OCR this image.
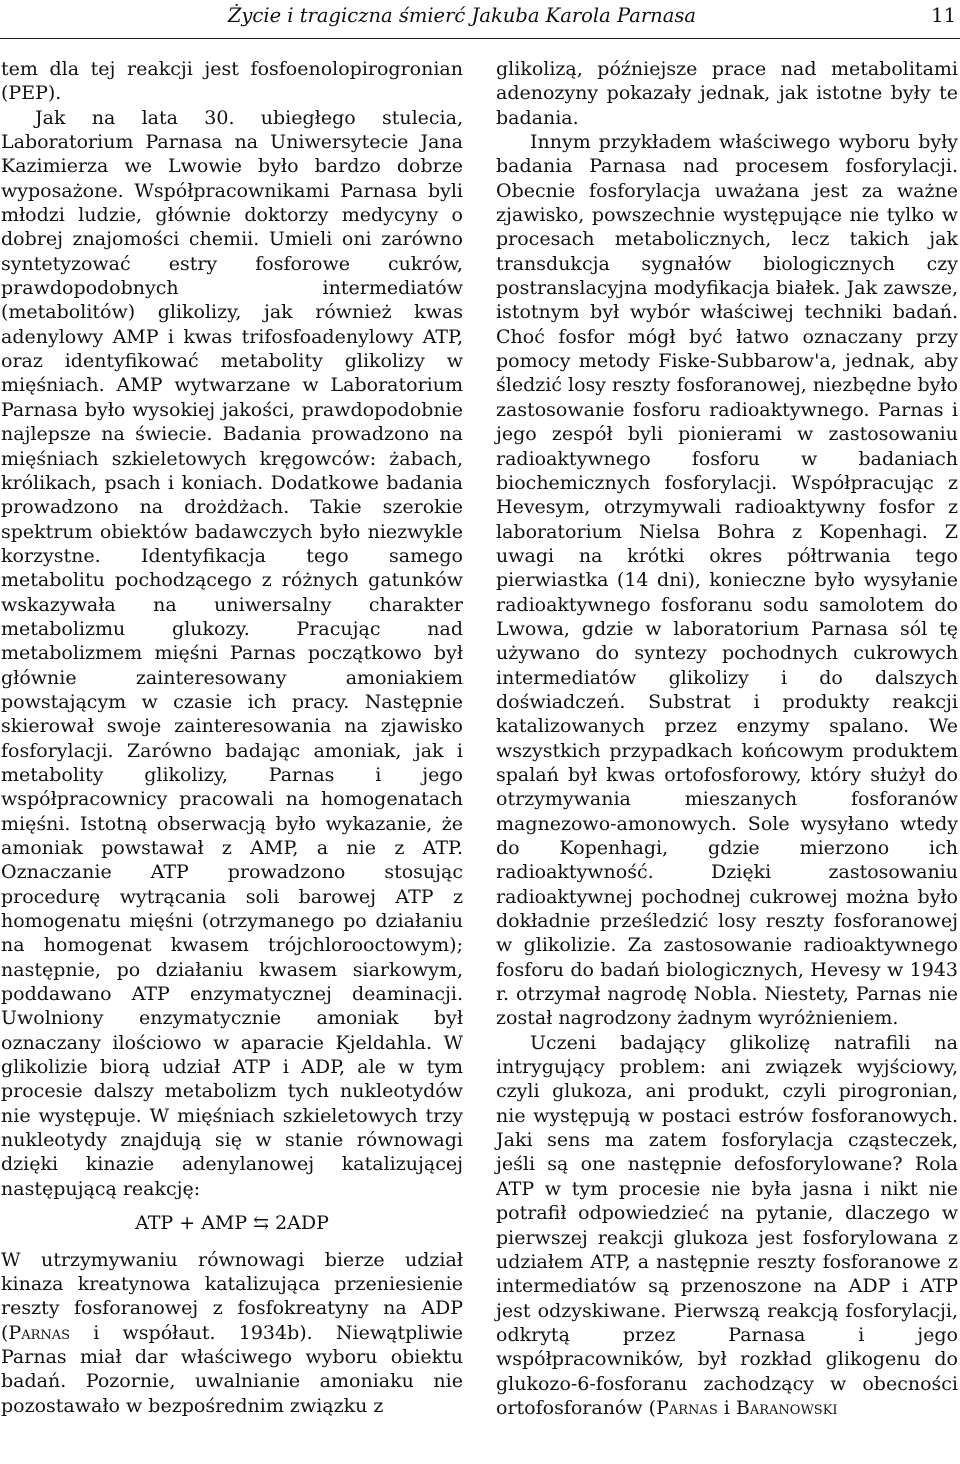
Życie i tragiczna śmierć Jakuba Karola Parnasa	11

tem dla tej reakcji jest fosfoenolopirogronian (PEP).

Jak na lata 30. ubiegłego stulecia, Laboratorium Parnasa na Uniwersytecie Jana Kazimierza we Lwowie było bardzo dobrze wyposażone. Współpracownikami Parnasa byli młodzi ludzie, głównie doktorzy medycyny o dobrej znajomości chemii. Umieli oni zarówno syntetyzować estry fosforowe cukrów, prawdopodobnych intermediatów (metabolitów) glikolizy, jak również kwas adenylowy AMP i kwas trifosfoadenylowy ATP, oraz identyfikować metabolity glikolizy w mięśniach. AMP wytwarzane w Laboratorium Parnasa było wysokiej jakości, prawdopodobnie najlepsze na świecie. Badania prowadzono na mięśniach szkieletowych kręgowców: żabach, królikach, psach i koniach. Dodatkowe badania prowadzono na drożdżach. Takie szerokie spektrum obiektów badawczych było niezwykle korzystne. Identyfikacja tego samego metabolitu pochodzącego z różnych gatunków wskazywała na uniwersalny charakter metabolizmu glukozy. Pracując nad metabolizmem mięśni Parnas początkowo był głównie zainteresowany amoniakiem powstającym w czasie ich pracy. Następnie skierował swoje zainteresowania na zjawisko fosforylacji. Zarówno badając amoniak, jak i metabolity glikolizy, Parnas i jego współpracownicy pracowali na homogenatach mięśni. Istotną obserwacją było wykazanie, że amoniak powstawał z AMP, a nie z ATP. Oznaczanie ATP prowadzono stosując procedurę wytrącania soli barowej ATP z homogenatu mięśni (otrzymanego po działaniu na homogenat kwasem trójchlorooctowym); następnie, po działaniu kwasem siarkowym, poddawano ATP enzymatycznej deaminacji. Uwolniony enzymatycznie amoniak był oznaczany ilościowo w aparacie Kjeldahla. W glikolizie biorą udział ATP i ADP, ale w tym procesie dalszy metabolizm tych nukleotydów nie występuje. W mięśniach szkieletowych trzy nukleotydy znajdują się w stanie równowagi dzięki kinazie adenylanowej katalizującej następującą reakcję:

ATP + AMP ⇆ 2ADP

W utrzymywaniu równowagi bierze udział kinaza kreatynowa katalizująca przeniesienie reszty fosforanowej z fosfokreatyny na ADP (Parnas i współaut. 1934b). Niewątpliwie Parnas miał dar właściwego wyboru obiektu badań. Pozornie, uwalnianie amoniaku nie pozostawało w bezpośrednim związku z

glikolizą, późniejsze prace nad metabolitami adenozyny pokazały jednak, jak istotne były te badania.

Innym przykładem właściwego wyboru były badania Parnasa nad procesem fosforylacji. Obecnie fosforylacja uważana jest za ważne zjawisko, powszechnie występujące nie tylko w procesach metabolicznych, lecz takich jak transdukcja sygnałów biologicznych czy postranslacyjna modyfikacja białek. Jak zawsze, istotnym był wybór właściwej techniki badań. Choć fosfor mógł być łatwo oznaczany przy pomocy metody Fiske-Subbarow'a, jednak, aby śledzić losy reszty fosforanowej, niezbędne było zastosowanie fosforu radioaktywnego. Parnas i jego zespół byli pionierami w zastosowaniu radioaktywnego fosforu w badaniach biochemicznych fosforylacji. Współpracując z Hevesym, otrzymywali radioaktywny fosfor z laboratorium Nielsa Bohra z Kopenhagi. Z uwagi na krótki okres półtrwania tego pierwiastka (14 dni), konieczne było wysyłanie radioaktywnego fosforanu sodu samolotem do Lwowa, gdzie w laboratorium Parnasa sól tę używano do syntezy pochodnych cukrowych intermediatów glikolizy i do dalszych doświadczeń. Substrat i produkty reakcji katalizowanych przez enzymy spalano. We wszystkich przypadkach końcowym produktem spalań był kwas ortofosforowy, który służył do otrzymywania mieszanych fosforanów magnezowo-amonowych. Sole wysyłano wtedy do Kopenhagi, gdzie mierzono ich radioaktywność. Dzięki zastosowaniu radioaktywnej pochodnej cukrowej można było dokładnie prześledzić losy reszty fosforanowej w glikolizie. Za zastosowanie radioaktywnego fosforu do badań biologicznych, Hevesy w 1943 r. otrzymał nagrodę Nobla. Niestety, Parnas nie został nagrodzony żadnym wyróżnieniem.

Uczeni badający glikolizę natrafili na intrygujący problem: ani związek wyjściowy, czyli glukoza, ani produkt, czyli pirogronian, nie występują w postaci estrów fosforanowych. Jaki sens ma zatem fosforylacja cząsteczek, jeśli są one następnie defosforylowane? Rola ATP w tym procesie nie była jasna i nikt nie potrafił odpowiedzieć na pytanie, dlaczego w pierwszej reakcji glukoza jest fosforylowana z udziałem ATP, a następnie reszty fosforanowe z intermediatów są przenoszone na ADP i ATP jest odzyskiwane. Pierwszą reakcją fosforylacji, odkrytą przez Parnasa i jego współpracowników, był rozkład glikogenu do glukozo-6-fosforanu zachodzący w obecności ortofosforanów (Parnas i Baranowski
